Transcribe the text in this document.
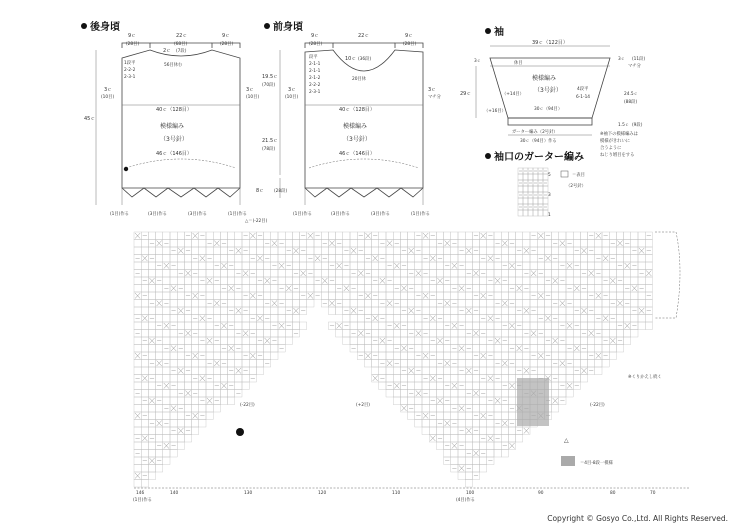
後身頃
9ｃ
(28目)
22ｃ
(68目)
9ｃ
(28目)
2ｃ (7段)
56目休む
1段平
2-2-2
2-3-1
3ｃ
(10目)
3ｃ
(10目)
45ｃ
40ｃ（128目）
模様編み
（3号針）
46ｃ（146目）
(1目)作る	(3目)作る	(3目)作る	(1目)作る
△＝(-22目)
前身頃
9ｃ
(28目)
22ｃ	9ｃ
(28目)
10ｃ (36段)
20目休
段平
2-1-1
2-1-1
2-1-2
2-2-2
2-3-1
19.5ｃ
(70段)
3ｃ
(10目)
3ｃ
マチ分
40ｃ（128目）
模様編み
（3号針）
21.5ｃ
(78段)
46ｃ（146目）
8ｃ (28段)
(1目)作る	(3目)作る	(3目)作る	(1目)作る
袖
39ｃ（122目）
休目
3ｃ	3ｃ (11段)
マチ分
29ｃ	（+14目）
模様編み
（3号針）	4段平
6-1-14
24.5ｃ
(88段)
30ｃ（94目）
（+16目）
1.5ｃ (9段)
ガーター編み（2号針）
30ｃ（94目）作る
※袖下の模様編みは
模様がきれいに
合うように
ねじり増目をする
袖口のガーター編み
5
3
1
＝表目
（2号針）
※くりかえし続く
(-22目)	(+2目)	(-22目)
△
＝4目-8段一模様
146	140	130	120	110	100	90	80	70
(1目)作る	(4目)作る
Copyright © Gosyo Co.,Ltd. All Rights Reserved.
